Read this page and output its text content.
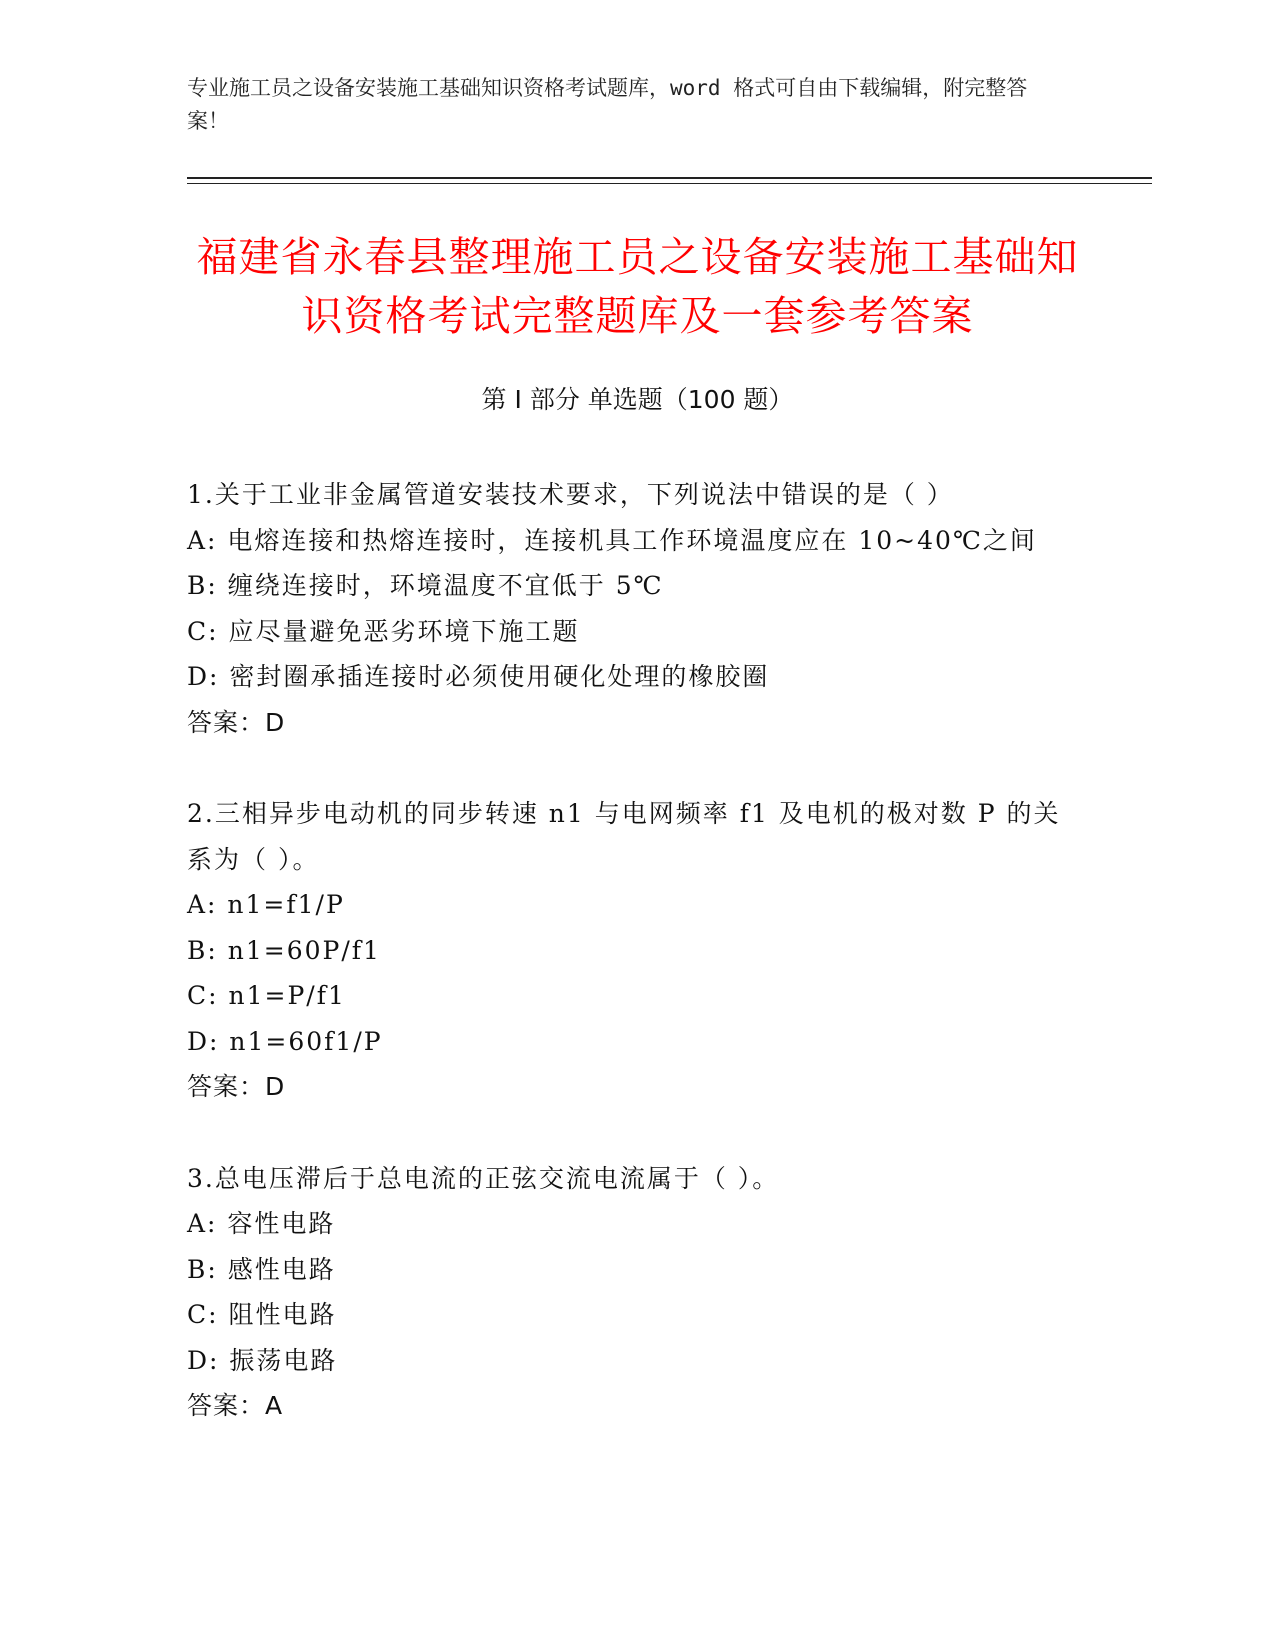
专业施工员之设备安装施工基础知识资格考试题库，word 格式可自由下载编辑，附完整答案！
福建省永春县整理施工员之设备安装施工基础知识资格考试完整题库及一套参考答案
第 I 部分 单选题（100 题）
1.关于工业非金属管道安装技术要求，下列说法中错误的是（ ）
A: 电熔连接和热熔连接时，连接机具工作环境温度应在 10~40℃之间
B: 缠绕连接时，环境温度不宜低于 5℃
C: 应尽量避免恶劣环境下施工题
D: 密封圈承插连接时必须使用硬化处理的橡胶圈
答案：D
2.三相异步电动机的同步转速 n1 与电网频率 f1 及电机的极对数 P 的关系为（ ）。
A: n1=f1/P
B: n1=60P/f1
C: n1=P/f1
D: n1=60f1/P
答案：D
3.总电压滞后于总电流的正弦交流电流属于（ ）。
A: 容性电路
B: 感性电路
C: 阻性电路
D: 振荡电路
答案：A
